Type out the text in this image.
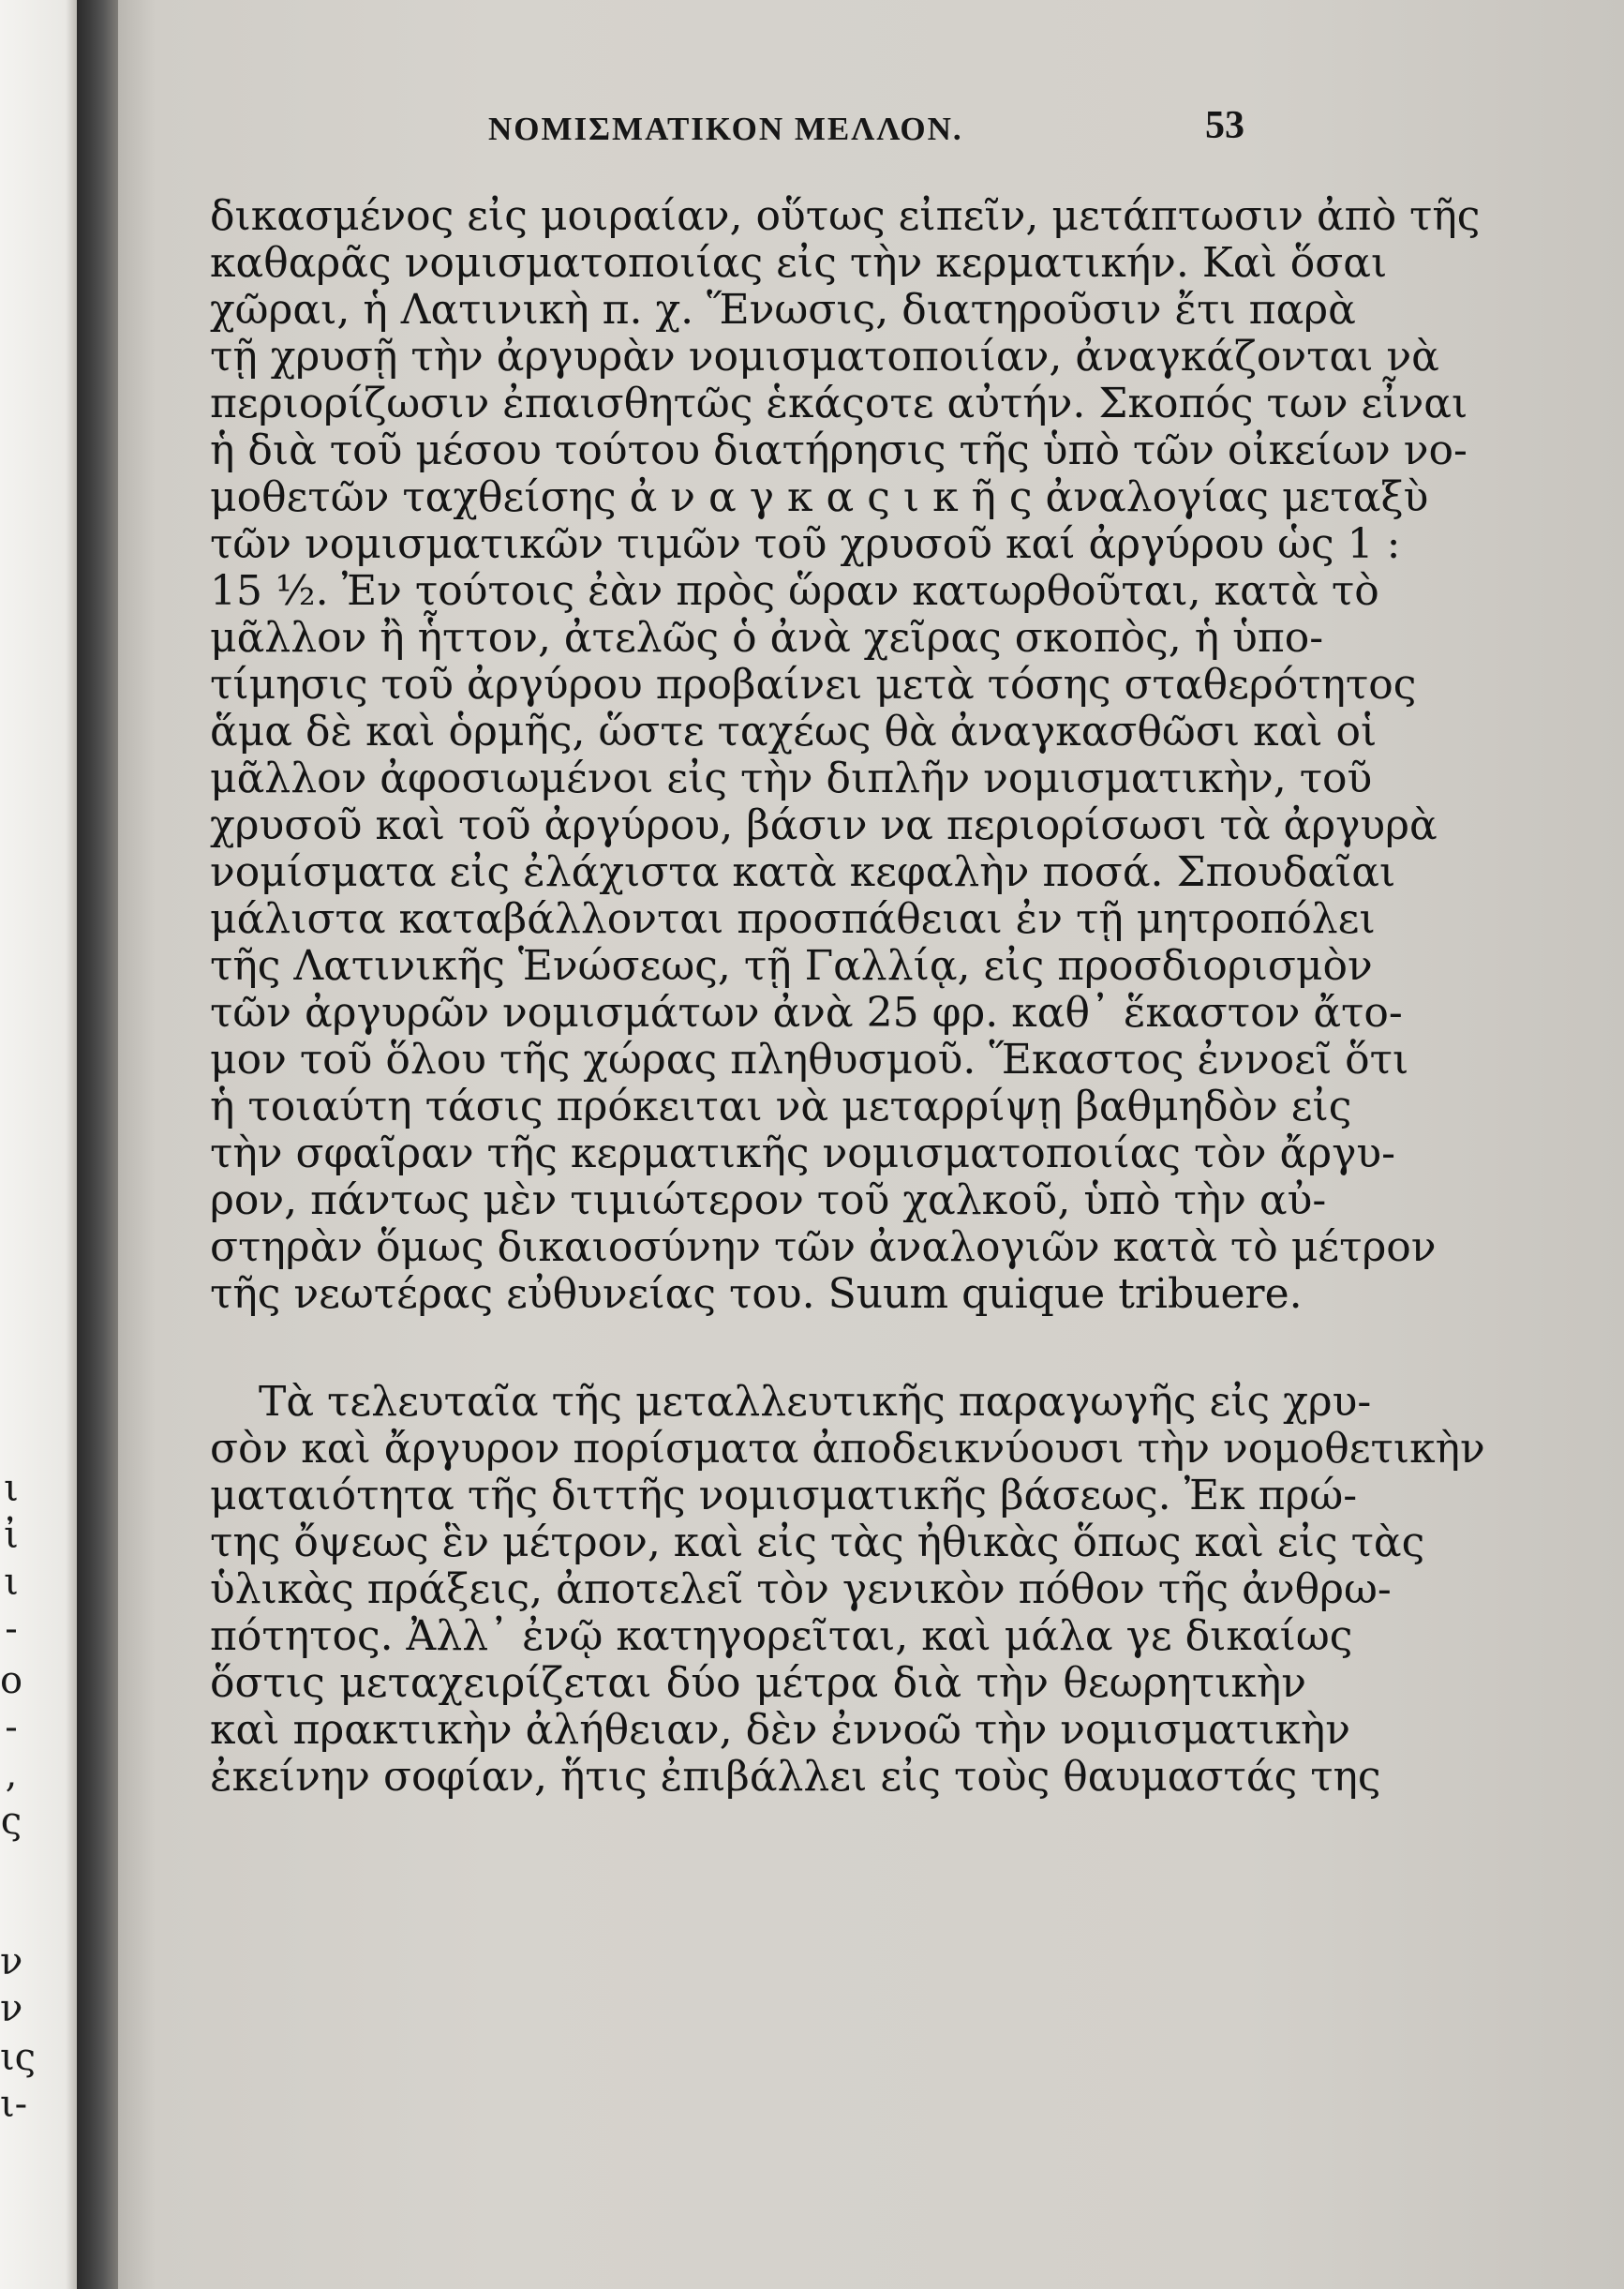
ι
ἰ
ι
-
ο
-
,
ς
ν
ν
ις
ι-
ΝΟΜΙΣΜΑΤΙΚΟΝ ΜΕΛΛΟΝ.	53
δικασμένος εἰς μοιραίαν, οὕτως εἰπεῖν, μετάπτωσιν ἀπὸ τῆς
καθαρᾶς νομισματοποιίας εἰς τὴν κερματικήν. Καὶ ὅσαι
χῶραι, ἡ Λατινικὴ π. χ. Ἕνωσις, διατηροῦσιν ἔτι παρὰ
τῇ χρυσῇ τὴν ἀργυρὰν νομισματοποιίαν, ἀναγκάζονται νὰ
περιορίζωσιν ἐπαισθητῶς ἑκάςοτε αὐτήν. Σκοπός των εἶναι
ἡ διὰ τοῦ μέσου τούτου διατήρησις τῆς ὑπὸ τῶν οἰκείων νο-
μοθετῶν ταχθείσης ἀ ν α γ κ α ς ι κ ῆ ς ἀναλογίας μεταξὺ
τῶν νομισματικῶν τιμῶν τοῦ χρυσοῦ καί ἀργύρου ὡς 1 :
15 ½. Ἐν τούτοις ἐὰν πρὸς ὥραν κατωρθοῦται, κατὰ τὸ
μᾶλλον ἢ ἧττον, ἀτελῶς ὁ ἀνὰ χεῖρας σκοπὸς, ἡ ὑπο-
τίμησις τοῦ ἀργύρου προβαίνει μετὰ τόσης σταθερότητος
ἅμα δὲ καὶ ὁρμῆς, ὥστε ταχέως θὰ ἀναγκασθῶσι καὶ οἱ
μᾶλλον ἀφοσιωμένοι εἰς τὴν διπλῆν νομισματικὴν, τοῦ
χρυσοῦ καὶ τοῦ ἀργύρου, βάσιν να περιορίσωσι τὰ ἀργυρὰ
νομίσματα εἰς ἐλάχιστα κατὰ κεφαλὴν ποσά. Σπουδαῖαι
μάλιστα καταβάλλονται προσπάθειαι ἐν τῇ μητροπόλει
τῆς Λατινικῆς Ἑνώσεως, τῇ Γαλλίᾳ, εἰς προσδιορισμὸν
τῶν ἀργυρῶν νομισμάτων ἀνὰ 25 φρ. καθ᾽ ἕκαστον ἄτο-
μον τοῦ ὅλου τῆς χώρας πληθυσμοῦ. Ἕκαστος ἐννοεῖ ὅτι
ἡ τοιαύτη τάσις πρόκειται νὰ μεταρρίψῃ βαθμηδὸν εἰς
τὴν σφαῖραν τῆς κερματικῆς νομισματοποιίας τὸν ἄργυ-
ρον, πάντως μὲν τιμιώτερον τοῦ χαλκοῦ, ὑπὸ τὴν αὐ-
στηρὰν ὅμως δικαιοσύνην τῶν ἀναλογιῶν κατὰ τὸ μέτρον
τῆς νεωτέρας εὐθυνείας του. Suum quique tribuere.
Τὰ τελευταῖα τῆς μεταλλευτικῆς παραγωγῆς εἰς χρυ-
σὸν καὶ ἄργυρον πορίσματα ἀποδεικνύουσι τὴν νομοθετικὴν
ματαιότητα τῆς διττῆς νομισματικῆς βάσεως. Ἐκ πρώ-
της ὄψεως ἓν μέτρον, καὶ εἰς τὰς ἠθικὰς ὅπως καὶ εἰς τὰς
ὑλικὰς πράξεις, ἀποτελεῖ τὸν γενικὸν πόθον τῆς ἀνθρω-
πότητος. Ἀλλ᾽ ἐνῷ κατηγορεῖται, καὶ μάλα γε δικαίως
ὅστις μεταχειρίζεται δύο μέτρα διὰ τὴν θεωρητικὴν
καὶ πρακτικὴν ἀλήθειαν, δὲν ἐννοῶ τὴν νομισματικὴν
ἐκείνην σοφίαν, ἥτις ἐπιβάλλει εἰς τοὺς θαυμαστάς της
